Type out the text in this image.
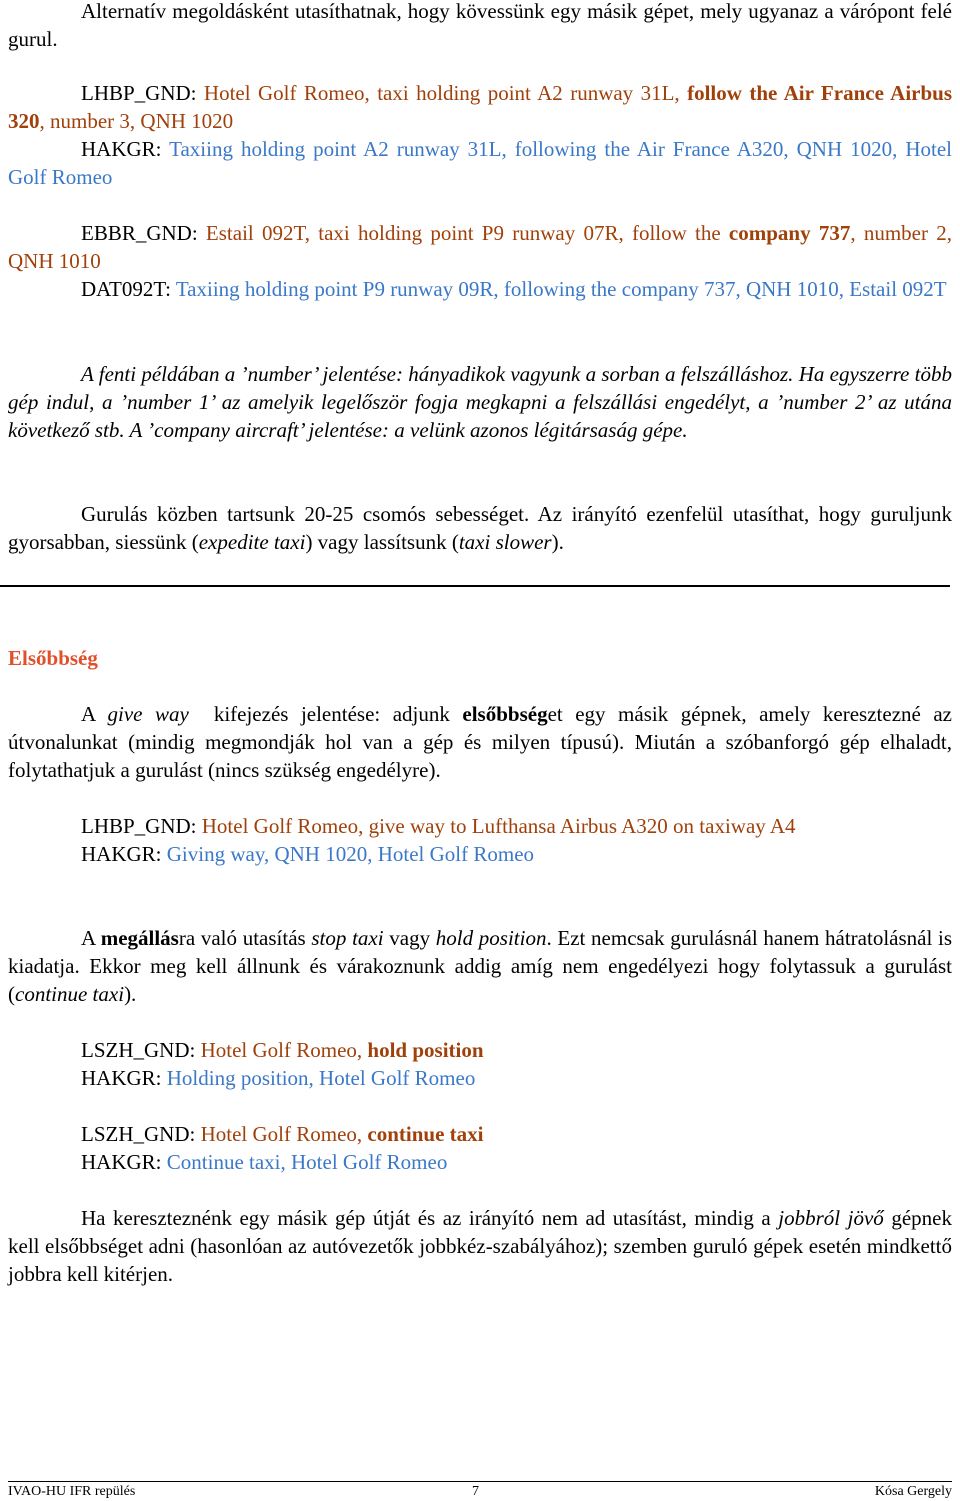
Alternatív megoldásként utasíthatnak, hogy kövessünk egy másik gépet, mely ugyanaz a várópont felé gurul.

LHBP_GND: Hotel Golf Romeo, taxi holding point A2 runway 31L, follow the Air France Airbus 320, number 3, QNH 1020

HAKGR: Taxiing holding point A2 runway 31L, following the Air France A320, QNH 1020, Hotel Golf Romeo

EBBR_GND: Estail 092T, taxi holding point P9 runway 07R, follow the company 737, number 2, QNH 1010

DAT092T: Taxiing holding point P9 runway 09R, following the company 737, QNH 1010, Estail 092T

A fenti példában a ’number’ jelentése: hányadikok vagyunk a sorban a felszálláshoz. Ha egyszerre több gép indul, a ’number 1’ az amelyik legelőször fogja megkapni a felszállási engedélyt, a ’number 2’ az utána következő stb. A ’company aircraft’ jelentése: a velünk azonos légitársaság gépe.

Gurulás közben tartsunk 20-25 csomós sebességet. Az irányító ezenfelül utasíthat, hogy guruljunk gyorsabban, siessünk (expedite taxi) vagy lassítsunk (taxi slower).

Elsőbbség

A give way  kifejezés jelentése: adjunk elsőbbséget egy másik gépnek, amely keresztezné az útvonalunkat (mindig megmondják hol van a gép és milyen típusú). Miután a szóbanforgó gép elhaladt, folytathatjuk a gurulást (nincs szükség engedélyre).

LHBP_GND: Hotel Golf Romeo, give way to Lufthansa Airbus A320 on taxiway A4

HAKGR: Giving way, QNH 1020, Hotel Golf Romeo

A megállásra való utasítás stop taxi vagy hold position. Ezt nemcsak gurulásnál hanem hátratolásnál is kiadatja. Ekkor meg kell állnunk és várakoznunk addig amíg nem engedélyezi hogy folytassuk a gurulást (continue taxi).

LSZH_GND: Hotel Golf Romeo, hold position

HAKGR: Holding position, Hotel Golf Romeo

LSZH_GND: Hotel Golf Romeo, continue taxi

HAKGR: Continue taxi, Hotel Golf Romeo

Ha kereszteznénk egy másik gép útját és az irányító nem ad utasítást, mindig a jobbról jövő gépnek kell elsőbbséget adni (hasonlóan az autóvezetők jobbkéz-szabályához); szemben guruló gépek esetén mindkettő jobbra kell kitérjen.

IVAO-HU IFR repülés	7	Kósa Gergely
